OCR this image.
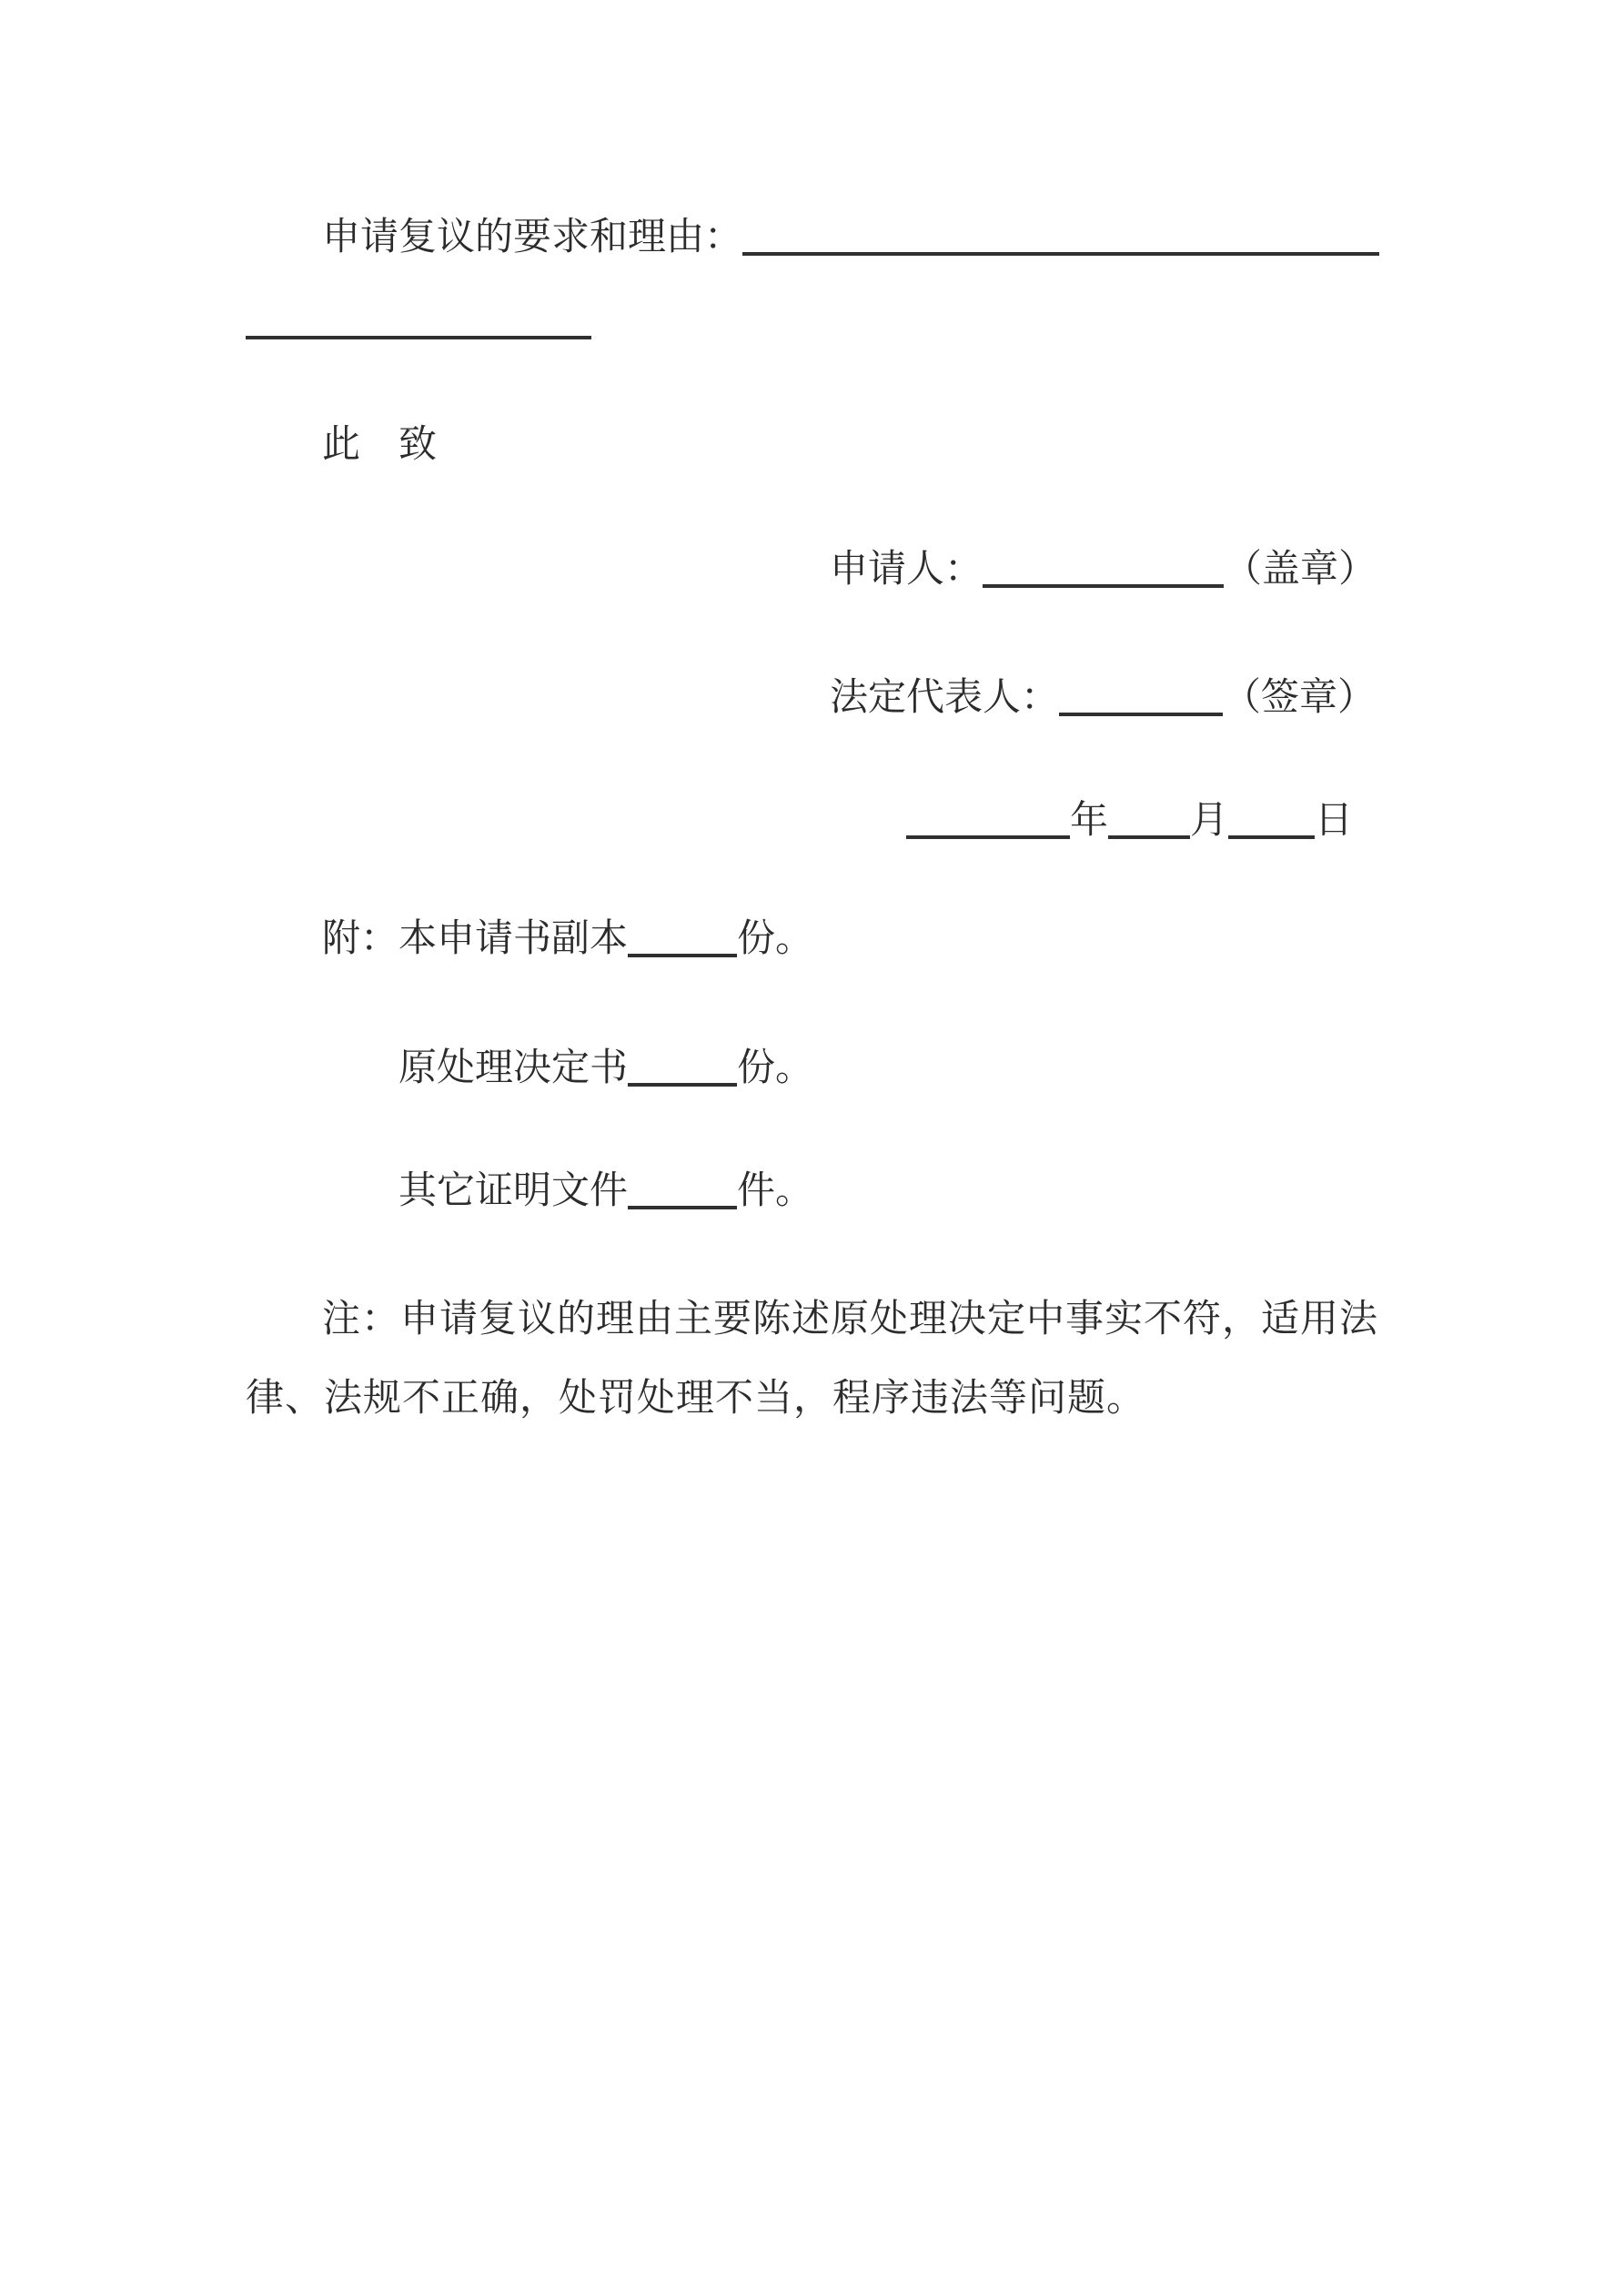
申请复议的要求和理由：
此　致
申请人：	（盖章）
法定代表人：	（签章）
年 月 日
附：本申请书副本	份。
原处理决定书	份。
其它证明文件	件。
注：申请复议的理由主要陈述原处理决定中事实不符，适用法
律、法规不正确，处罚处理不当，程序违法等问题。
